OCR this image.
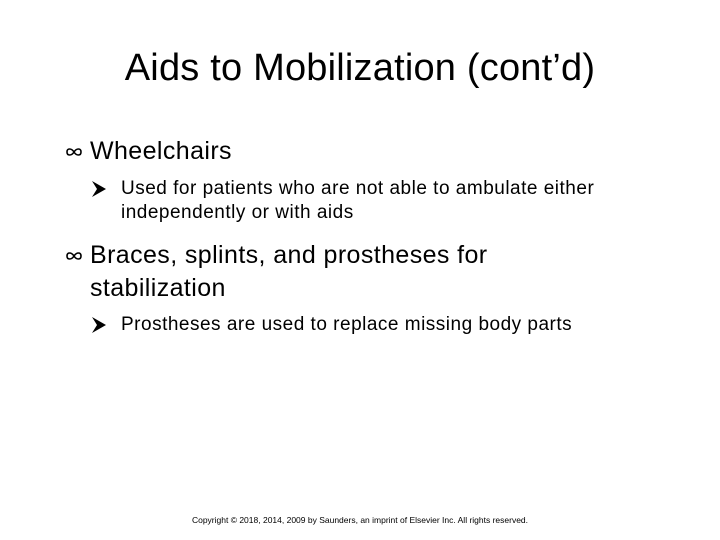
Aids to Mobilization (cont’d)
Wheelchairs
Used for patients who are not able to ambulate either independently or with aids
Braces, splints, and prostheses for stabilization
Prostheses are used to replace missing body parts
Copyright © 2018, 2014, 2009 by Saunders, an imprint of Elsevier Inc. All rights reserved.
